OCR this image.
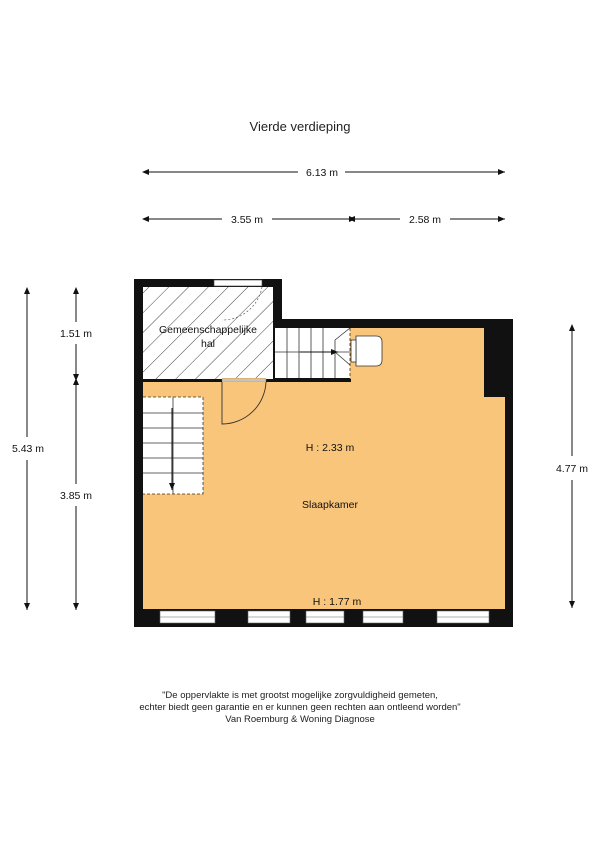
Vierde verdieping
6.13 m
3.55 m	2.58 m
5.43 m
1.51 m
3.85 m
4.77 m
Gemeenschappelijke
hal
H : 2.33 m
Slaapkamer
H : 1.77 m
"De oppervlakte is met grootst mogelijke zorgvuldigheid gemeten,
echter biedt geen garantie en er kunnen geen rechten aan ontleend worden"
Van Roemburg & Woning Diagnose
